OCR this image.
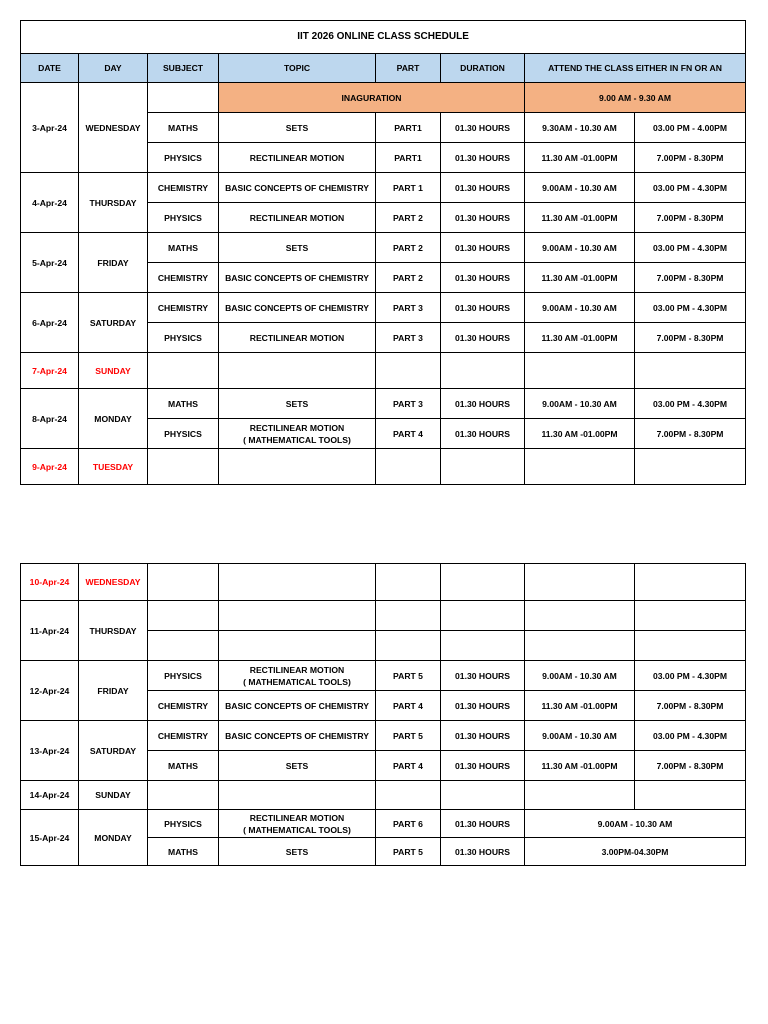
IIT 2026 ONLINE CLASS SCHEDULE							
DATE	DAY	SUBJECT	TOPIC	PART	DURATION	ATTEND THE CLASS EITHER IN FN OR AN	
3-Apr-24	WEDNESDAY		INAGURATION			9.00 AM - 9.30 AM	
		MATHS	SETS	PART1	01.30 HOURS	9.30AM - 10.30 AM	03.00 PM - 4.00PM
		PHYSICS	RECTILINEAR MOTION	PART1	01.30 HOURS	11.30 AM -01.00PM	7.00PM - 8.30PM
4-Apr-24	THURSDAY	CHEMISTRY	BASIC CONCEPTS OF CHEMISTRY	PART 1	01.30 HOURS	9.00AM - 10.30 AM	03.00 PM - 4.30PM
		PHYSICS	RECTILINEAR MOTION	PART 2	01.30 HOURS	11.30 AM -01.00PM	7.00PM - 8.30PM
5-Apr-24	FRIDAY	MATHS	SETS	PART 2	01.30 HOURS	9.00AM - 10.30 AM	03.00 PM - 4.30PM
		CHEMISTRY	BASIC CONCEPTS OF CHEMISTRY	PART 2	01.30 HOURS	11.30 AM -01.00PM	7.00PM - 8.30PM
6-Apr-24	SATURDAY	CHEMISTRY	BASIC CONCEPTS OF CHEMISTRY	PART 3	01.30 HOURS	9.00AM - 10.30 AM	03.00 PM - 4.30PM
		PHYSICS	RECTILINEAR MOTION	PART 3	01.30 HOURS	11.30 AM -01.00PM	7.00PM - 8.30PM
7-Apr-24	SUNDAY						
8-Apr-24	MONDAY	MATHS	SETS	PART 3	01.30 HOURS	9.00AM - 10.30 AM	03.00 PM - 4.30PM
		PHYSICS	RECTILINEAR MOTION
( MATHEMATICAL TOOLS)	PART 4	01.30 HOURS	11.30 AM -01.00PM	7.00PM - 8.30PM
9-Apr-24	TUESDAY						
10-Apr-24	WEDNESDAY						
11-Apr-24	THURSDAY						

12-Apr-24	FRIDAY	PHYSICS	RECTILINEAR MOTION
( MATHEMATICAL TOOLS)	PART 5	01.30 HOURS	9.00AM - 10.30 AM	03.00 PM - 4.30PM
		CHEMISTRY	BASIC CONCEPTS OF CHEMISTRY	PART 4	01.30 HOURS	11.30 AM -01.00PM	7.00PM - 8.30PM
13-Apr-24	SATURDAY	CHEMISTRY	BASIC CONCEPTS OF CHEMISTRY	PART 5	01.30 HOURS	9.00AM - 10.30 AM	03.00 PM - 4.30PM
		MATHS	SETS	PART 4	01.30 HOURS	11.30 AM -01.00PM	7.00PM - 8.30PM
14-Apr-24	SUNDAY						
15-Apr-24	MONDAY	PHYSICS	RECTILINEAR MOTION
( MATHEMATICAL TOOLS)	PART 6	01.30 HOURS	9.00AM - 10.30 AM	
		MATHS	SETS	PART 5	01.30 HOURS	3.00PM-04.30PM	
